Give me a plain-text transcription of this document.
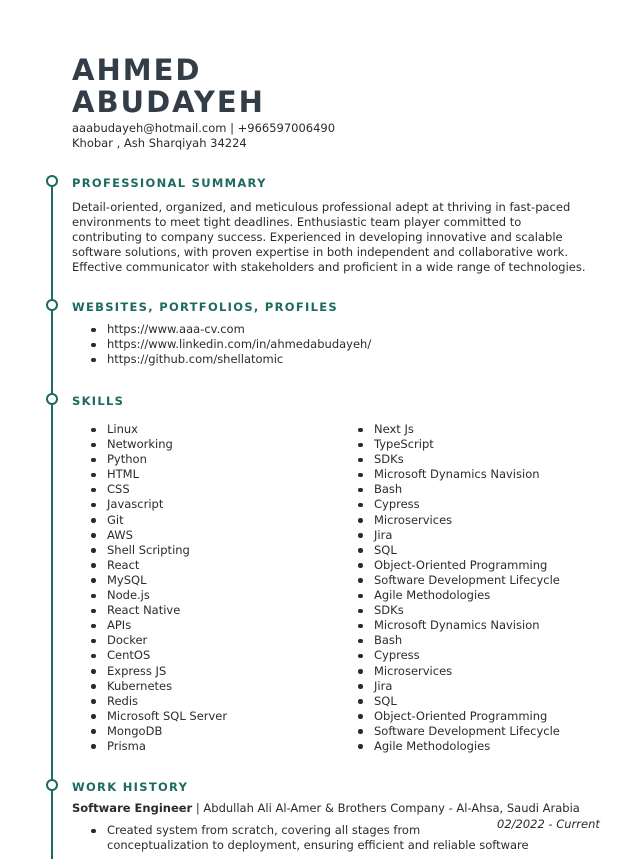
AHMED
ABUDAYEH
aaabudayeh@hotmail.com | +966597006490
Khobar , Ash Sharqiyah 34224
PROFESSIONAL SUMMARY
Detail-oriented, organized, and meticulous professional adept at thriving in fast-paced
environments to meet tight deadlines. Enthusiastic team player committed to
contributing to company success. Experienced in developing innovative and scalable
software solutions, with proven expertise in both independent and collaborative work.
Effective communicator with stakeholders and proficient in a wide range of technologies.
WEBSITES, PORTFOLIOS, PROFILES
https://www.aaa-cv.com
https://www.linkedin.com/in/ahmedabudayeh/
https://github.com/shellatomic
SKILLS
Linux
Networking
Python
HTML
CSS
Javascript
Git
AWS
Shell Scripting
React
MySQL
Node.js
React Native
APIs
Docker
CentOS
Express JS
Kubernetes
Redis
Microsoft SQL Server
MongoDB
Prisma
Next Js
TypeScript
SDKs
Microsoft Dynamics Navision
Bash
Cypress
Microservices
Jira
SQL
Object-Oriented Programming
Software Development Lifecycle
Agile Methodologies
SDKs
Microsoft Dynamics Navision
Bash
Cypress
Microservices
Jira
SQL
Object-Oriented Programming
Software Development Lifecycle
Agile Methodologies
WORK HISTORY
Software Engineer | Abdullah Ali Al-Amer & Brothers Company - Al-Ahsa, Saudi Arabia
02/2022 - Current
Created system from scratch, covering all stages from
conceptualization to deployment, ensuring efficient and reliable software
